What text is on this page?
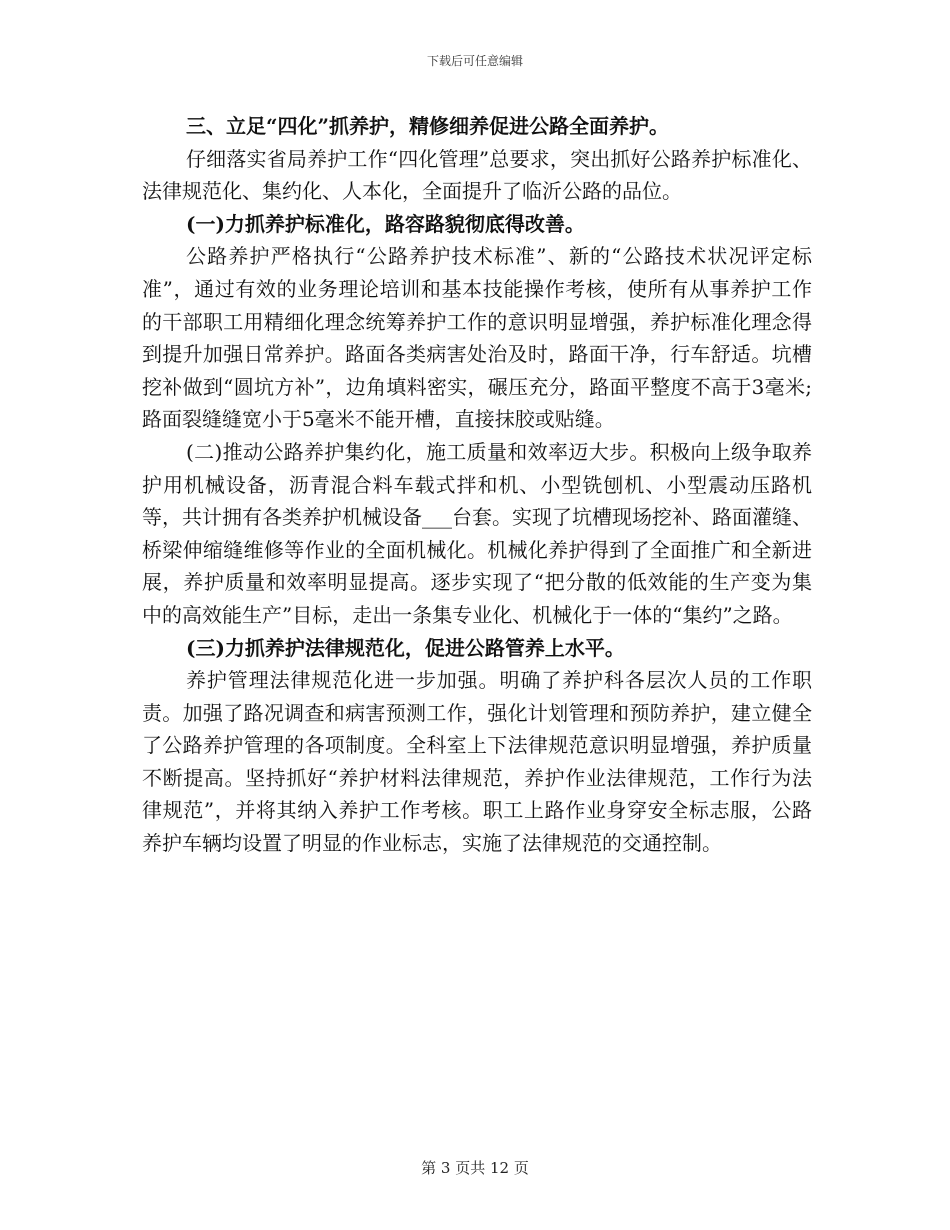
下载后可任意编辑

三、立足“四化”抓养护，精修细养促进公路全面养护。

仔细落实省局养护工作“四化管理”总要求，突出抓好公路养护标准化、法律规范化、集约化、人本化，全面提升了临沂公路的品位。

(一)力抓养护标准化，路容路貌彻底得改善。

公路养护严格执行“公路养护技术标准”、新的“公路技术状况评定标准”，通过有效的业务理论培训和基本技能操作考核，使所有从事养护工作的干部职工用精细化理念统筹养护工作的意识明显增强，养护标准化理念得到提升加强日常养护。路面各类病害处治及时，路面干净，行车舒适。坑槽挖补做到“圆坑方补”，边角填料密实，碾压充分，路面平整度不高于3毫米;路面裂缝缝宽小于5毫米不能开槽，直接抹胶或贴缝。

(二)推动公路养护集约化，施工质量和效率迈大步。积极向上级争取养护用机械设备，沥青混合料车载式拌和机、小型铣刨机、小型震动压路机等，共计拥有各类养护机械设备___台套。实现了坑槽现场挖补、路面灌缝、桥梁伸缩缝维修等作业的全面机械化。机械化养护得到了全面推广和全新进展，养护质量和效率明显提高。逐步实现了“把分散的低效能的生产变为集中的高效能生产”目标，走出一条集专业化、机械化于一体的“集约”之路。

(三)力抓养护法律规范化，促进公路管养上水平。

养护管理法律规范化进一步加强。明确了养护科各层次人员的工作职责。加强了路况调查和病害预测工作，强化计划管理和预防养护，建立健全了公路养护管理的各项制度。全科室上下法律规范意识明显增强，养护质量不断提高。坚持抓好“养护材料法律规范，养护作业法律规范，工作行为法律规范”，并将其纳入养护工作考核。职工上路作业身穿安全标志服，公路养护车辆均设置了明显的作业标志，实施了法律规范的交通控制。

第 3 页共 12 页
